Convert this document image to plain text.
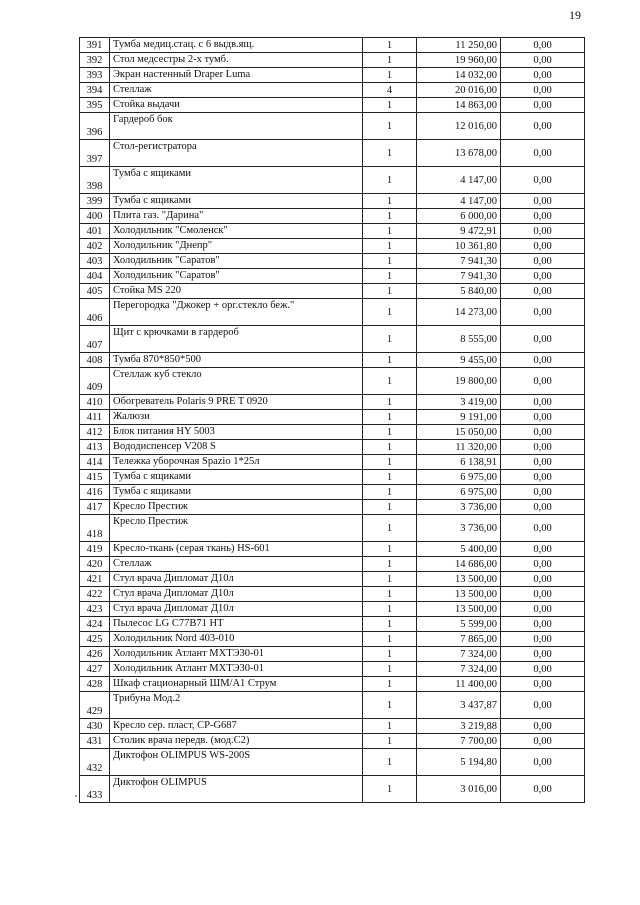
19
391	Тумба медиц.стац. с 6 выдв.ящ.	1	11 250,00	0,00
392	Стол медсестры 2-х тумб.	1	19 960,00	0,00
393	Экран настенный Draper Luma	1	14 032,00	0,00
394	Стеллаж	4	20 016,00	0,00
395	Стойка выдачи	1	14 863,00	0,00
396	Гардероб бок	1	12 016,00	0,00
397	Стол-регистратора	1	13 678,00	0,00
398	Тумба с ящиками	1	4 147,00	0,00
399	Тумба с ящиками	1	4 147,00	0,00
400	Плита газ. "Дарина"	1	6 000,00	0,00
401	Холодильник "Смоленск"	1	9 472,91	0,00
402	Холодильник "Днепр"	1	10 361,80	0,00
403	Холодильник "Саратов"	1	7 941,30	0,00
404	Холодильник "Саратов"	1	7 941,30	0,00
405	Стойка MS 220	1	5 840,00	0,00
406	Перегородка "Джокер + орг.стекло беж."	1	14 273,00	0,00
407	Щит с крючками в гардероб	1	8 555,00	0,00
408	Тумба 870*850*500	1	9 455,00	0,00
409	Стеллаж куб стекло	1	19 800,00	0,00
410	Обогреватель Polaris 9 PRE T 0920	1	3 419,00	0,00
411	Жалюзи	1	9 191,00	0,00
412	Блок питания HY 5003	1	15 050,00	0,00
413	Вододиспенсер V208 S	1	11 320,00	0,00
414	Тележка уборочная Spazio 1*25л	1	6 138,91	0,00
415	Тумба с ящиками	1	6 975,00	0,00
416	Тумба с ящиками	1	6 975,00	0,00
417	Кресло Престиж	1	3 736,00	0,00
418	Кресло Престиж	1	3 736,00	0,00
419	Кресло-ткань (серая ткань) HS-601	1	5 400,00	0,00
420	Стеллаж	1	14 686,00	0,00
421	Стул врача Дипломат Д10л	1	13 500,00	0,00
422	Стул врача Дипломат Д10л	1	13 500,00	0,00
423	Стул врача Дипломат Д10л	1	13 500,00	0,00
424	Пылесос LG C77B71 HT	1	5 599,00	0,00
425	Холодильник Nord 403-010	1	7 865,00	0,00
426	Холодильник Атлант МХТЭ30-01	1	7 324,00	0,00
427	Холодильник Атлант МХТЭ30-01	1	7 324,00	0,00
428	Шкаф стационарный ШМ/А1 Струм	1	11 400,00	0,00
429	Трибуна Мод.2	1	3 437,87	0,00
430	Кресло сер. пласт, CP-G687	1	3 219,88	0,00
431	Столик врача передв. (мод.C2)	1	7 700,00	0,00
432	Диктофон OLIMPUS WS-200S	1	5 194,80	0,00
433	Диктофон OLIMPUS	1	3 016,00	0,00
